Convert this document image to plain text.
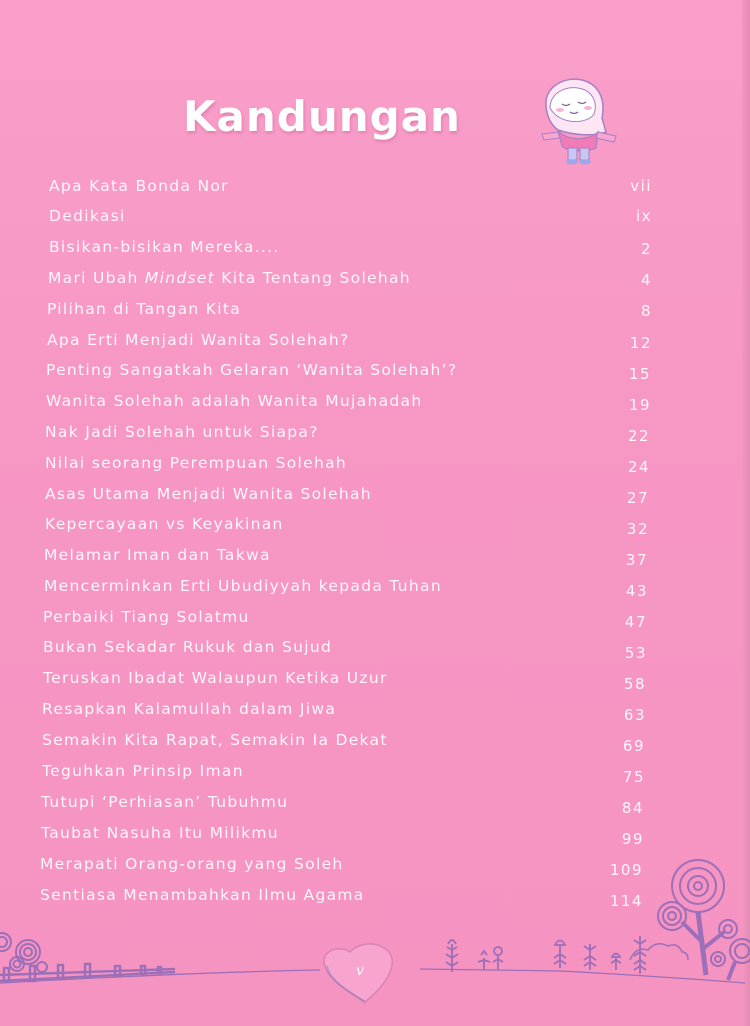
Kandungan
Apa Kata Bonda Nor	vii
Dedikasi	ix
Bisikan-bisikan Mereka....	2
Mari Ubah Mindset Kita Tentang Solehah	4
Pilihan di Tangan Kita	8
Apa Erti Menjadi Wanita Solehah?	12
Penting Sangatkah Gelaran ‘Wanita Solehah’?	15
Wanita Solehah adalah Wanita Mujahadah	19
Nak Jadi Solehah untuk Siapa?	22
Nilai seorang Perempuan Solehah	24
Asas Utama Menjadi Wanita Solehah	27
Kepercayaan vs Keyakinan	32
Melamar Iman dan Takwa	37
Mencerminkan Erti Ubudiyyah kepada Tuhan	43
Perbaiki Tiang Solatmu	47
Bukan Sekadar Rukuk dan Sujud	53
Teruskan Ibadat Walaupun Ketika Uzur	58
Resapkan Kalamullah dalam Jiwa	63
Semakin Kita Rapat, Semakin Ia Dekat	69
Teguhkan Prinsip Iman	75
Tutupi ‘Perhiasan’ Tubuhmu	84
Taubat Nasuha Itu Milikmu	99
Merapati Orang-orang yang Soleh	109
Sentiasa Menambahkan Ilmu Agama	114
v
